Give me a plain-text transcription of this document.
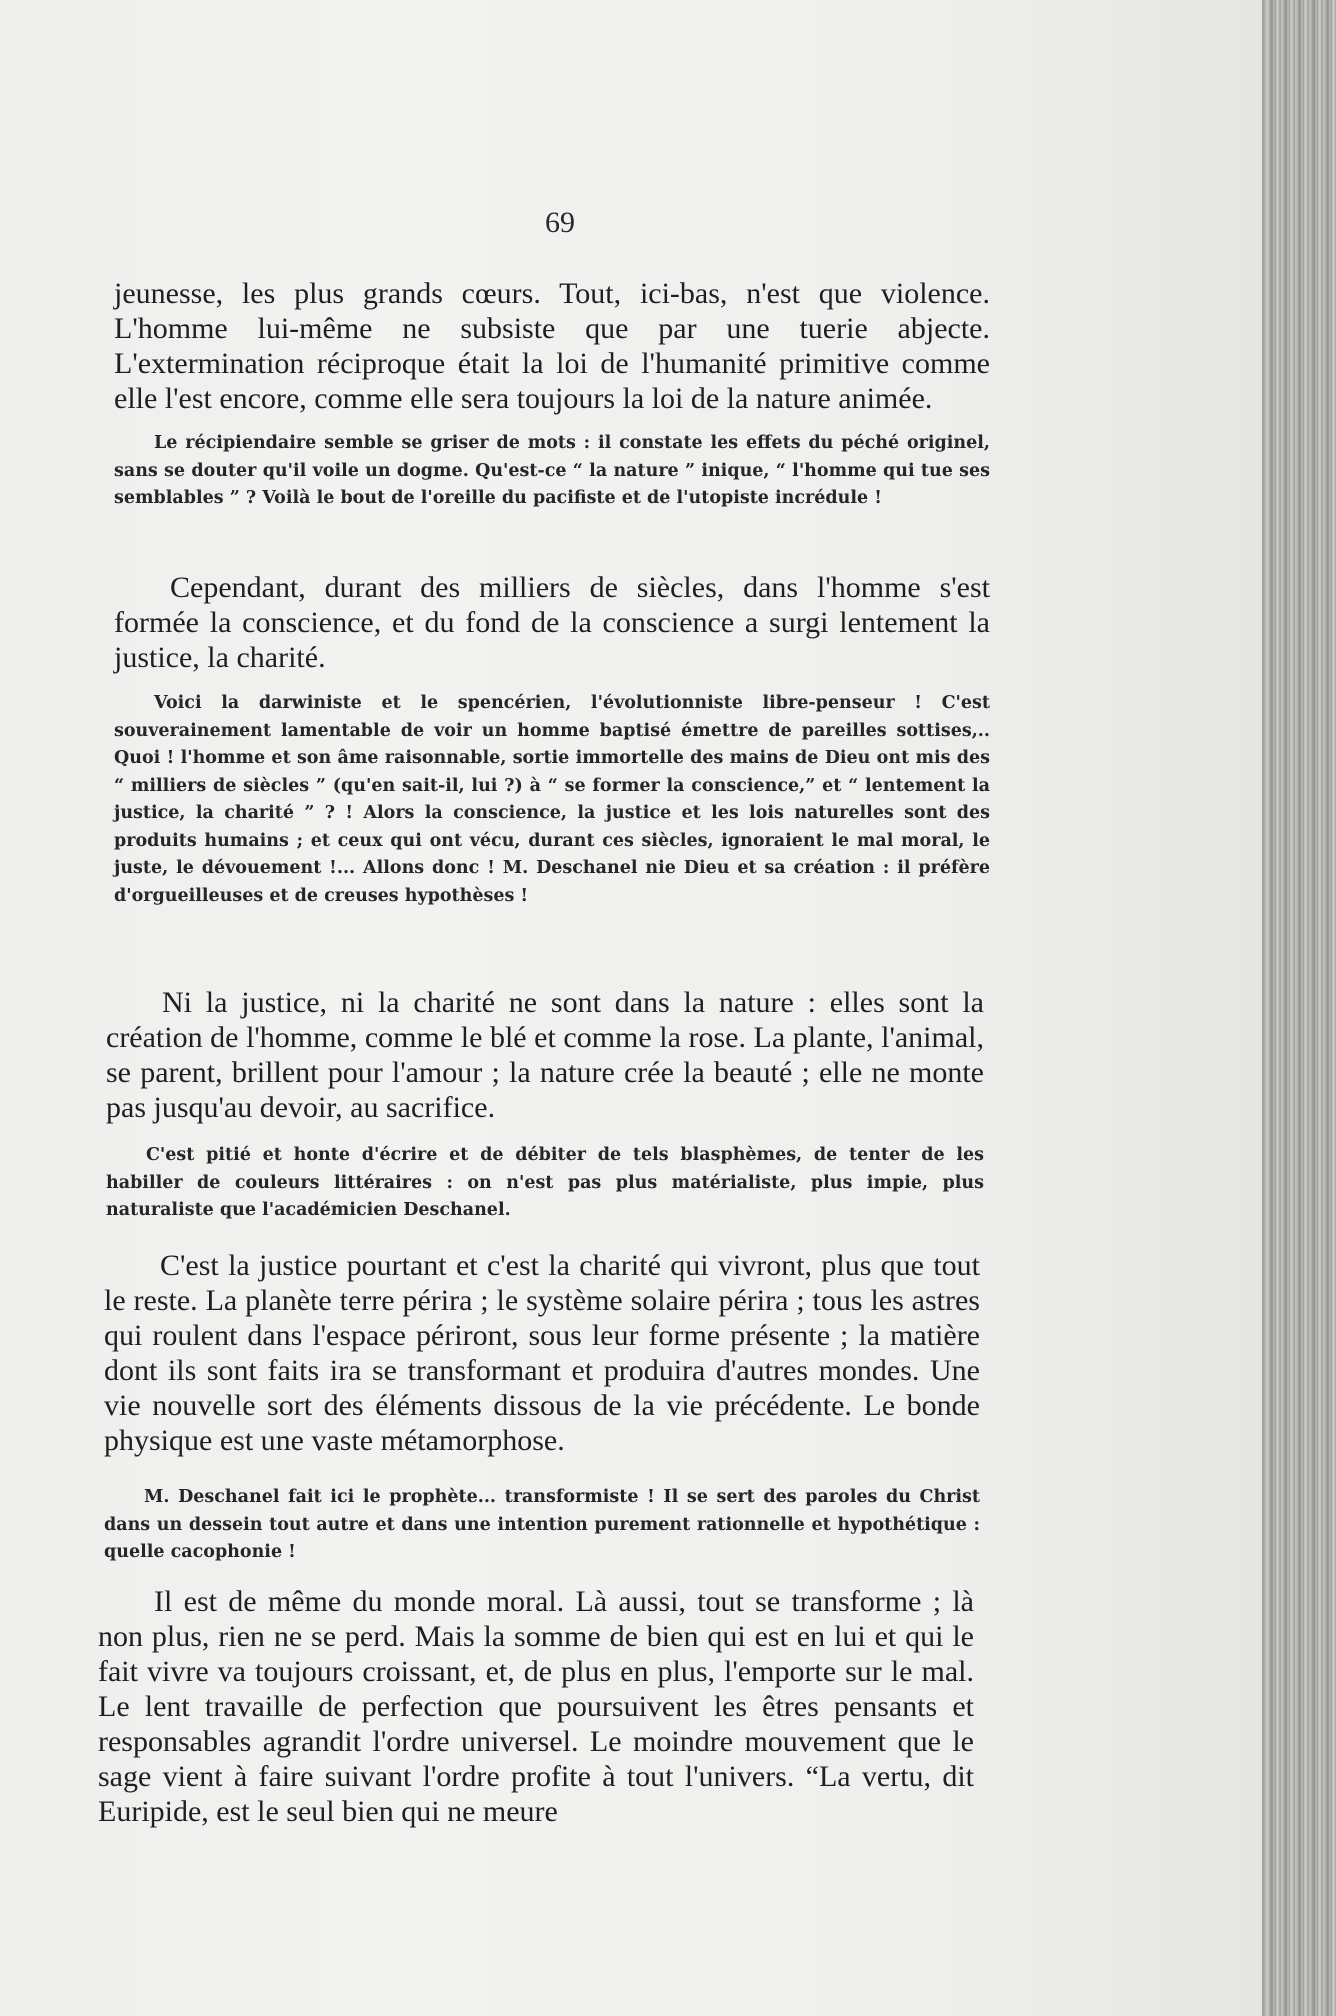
69
jeunesse, les plus grands cœurs. Tout, ici-bas, n'est que violence. L'homme lui-même ne subsiste que par une tuerie abjecte. L'extermination réciproque était la loi de l'humanité primitive comme elle l'est encore, comme elle sera toujours la loi de la nature animée.
Le récipiendaire semble se griser de mots : il constate les effets du péché originel, sans se douter qu'il voile un dogme. Qu'est-ce “ la nature ” inique, “ l'homme qui tue ses semblables ” ? Voilà le bout de l'oreille du pacifiste et de l'utopiste incrédule !
Cependant, durant des milliers de siècles, dans l'homme s'est formée la conscience, et du fond de la conscience a surgi lentement la justice, la charité.
Voici la darwiniste et le spencérien, l'évolutionniste libre-penseur ! C'est souverainement lamentable de voir un homme baptisé émettre de pareilles sottises,.. Quoi ! l'homme et son âme raisonnable, sortie immortelle des mains de Dieu ont mis des “ milliers de siècles ” (qu'en sait-il, lui ?) à “ se former la conscience,” et “ lentement la justice, la charité ” ? ! Alors la conscience, la justice et les lois naturelles sont des produits humains ; et ceux qui ont vécu, durant ces siècles, ignoraient le mal moral, le juste, le dévouement !... Allons donc ! M. Deschanel nie Dieu et sa création : il préfère d'orgueilleuses et de creuses hypothèses !
Ni la justice, ni la charité ne sont dans la nature : elles sont la création de l'homme, comme le blé et comme la rose. La plante, l'animal, se parent, brillent pour l'amour ; la nature crée la beauté ; elle ne monte pas jusqu'au devoir, au sacrifice.
C'est pitié et honte d'écrire et de débiter de tels blasphèmes, de tenter de les habiller de couleurs littéraires : on n'est pas plus matérialiste, plus impie, plus naturaliste que l'académicien Deschanel.
C'est la justice pourtant et c'est la charité qui vivront, plus que tout le reste. La planète terre périra ; le système solaire périra ; tous les astres qui roulent dans l'espace périront, sous leur forme présente ; la matière dont ils sont faits ira se transformant et produira d'autres mondes. Une vie nouvelle sort des éléments dissous de la vie précédente. Le bonde physique est une vaste métamorphose.
M. Deschanel fait ici le prophète... transformiste ! Il se sert des paroles du Christ dans un dessein tout autre et dans une intention purement rationnelle et hypothétique : quelle cacophonie !
Il est de même du monde moral. Là aussi, tout se transforme ; là non plus, rien ne se perd. Mais la somme de bien qui est en lui et qui le fait vivre va toujours croissant, et, de plus en plus, l'emporte sur le mal. Le lent travaille de perfection que poursuivent les êtres pensants et responsables agrandit l'ordre universel. Le moindre mouvement que le sage vient à faire suivant l'ordre profite à tout l'univers. “La vertu, dit Euripide, est le seul bien qui ne meure
